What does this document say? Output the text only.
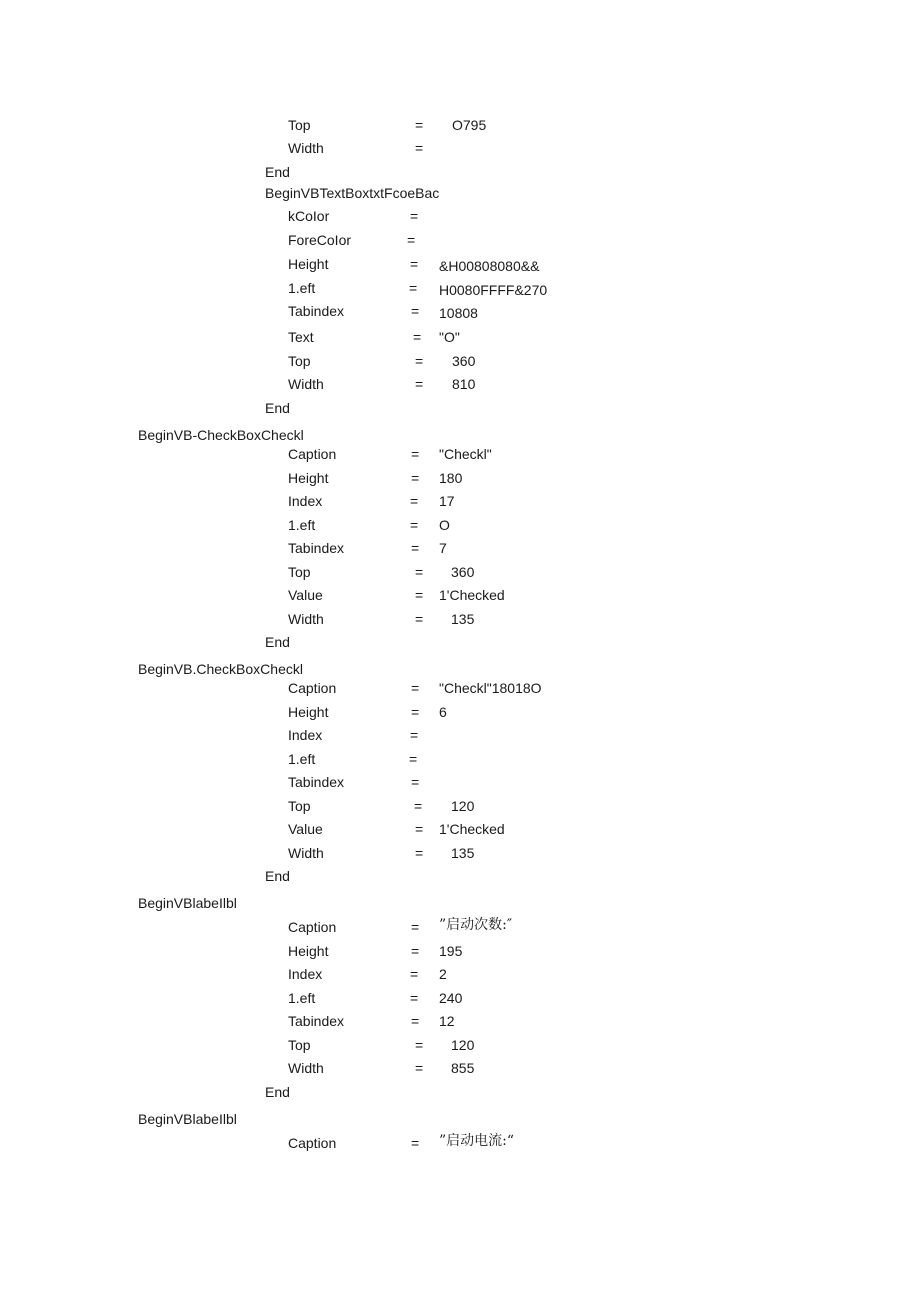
Top	= O795
Width	=
End
BeginVBTextBoxtxtFcoeBac
kCoIor	=
ForeCoIor	=
Height	= &H00808080&&
1.eft	= H0080FFFF&270
Tabindex	= 10808
Text	= "O"
Top	= 360
Width	= 810
End
BeginVB-CheckBoxCheckl
Caption	= "Checkl"
Height	= 180
Index	= 17
1.eft	= O
Tabindex	= 7
Top	= 360
Value	= 1'Checked
Width	= 135
End
BeginVB.CheckBoxCheckl
Caption	= "Checkl"18018O
Height	= 6
Index	=
1.eft	=
Tabindex	=
Top	= 120
Value	= 1'Checked
Width	= 135
End
BeginVBlabeIlbl
Caption	= ”启动次数:″
Height	= 195
Index	= 2
1.eft	= 240
Tabindex	= 12
Top	= 120
Width	= 855
End
BeginVBlabeIlbl
Caption	= ”启动电流:“
